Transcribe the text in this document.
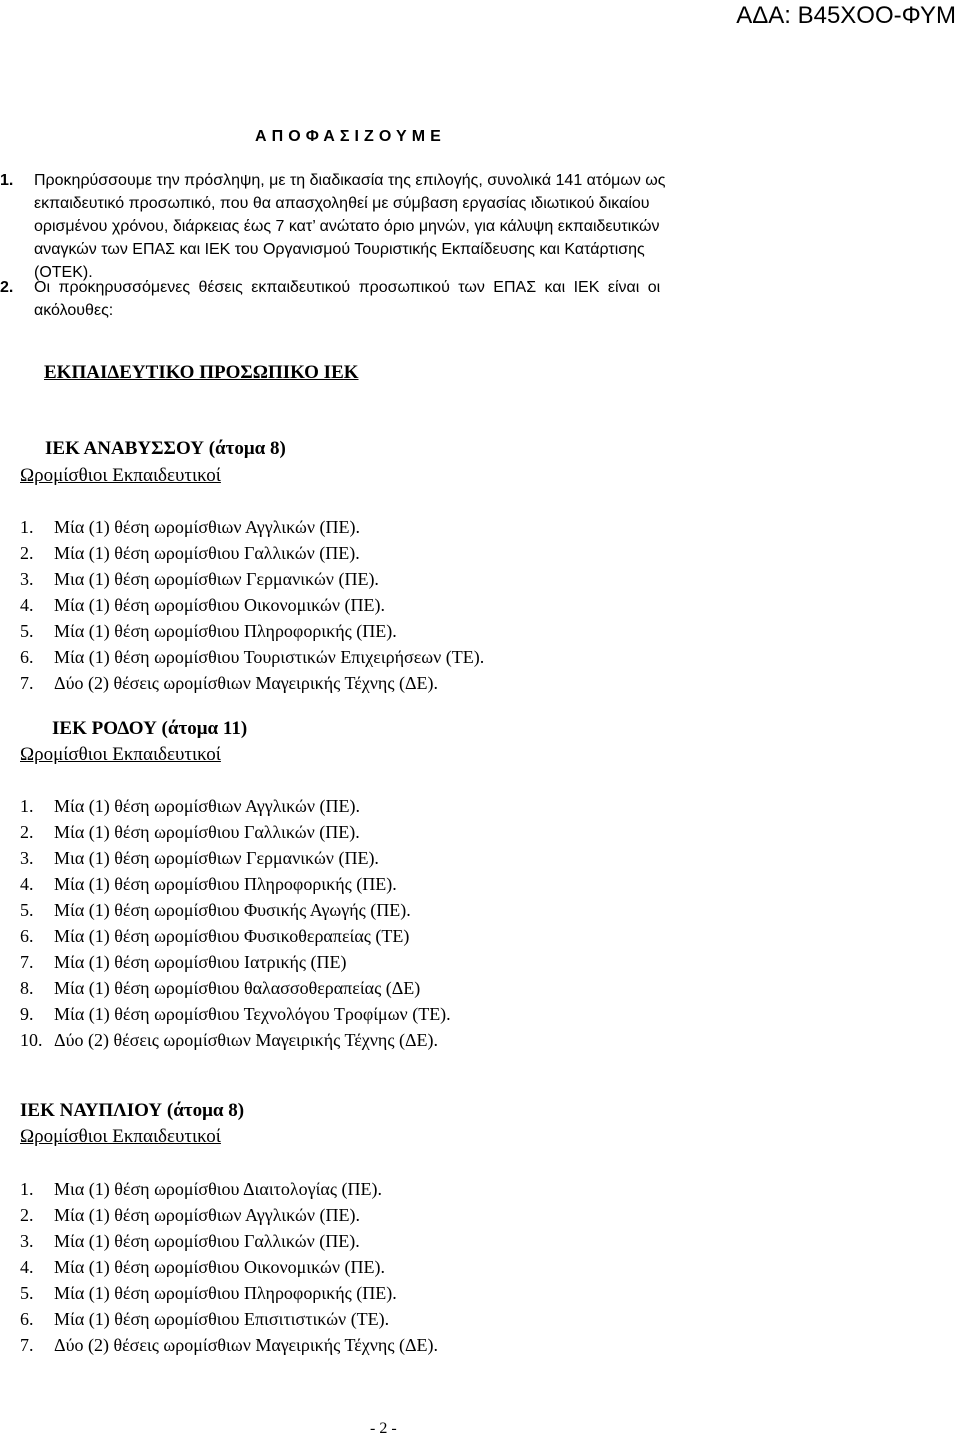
ΑΔΑ: Β45ΧΟΟ-ΦΥΜ
Α Π Ο Φ Α Σ Ι Ζ Ο Υ Μ Ε
1. Προκηρύσσουμε την πρόσληψη, με τη διαδικασία της επιλογής, συνολικά 141 ατόμων ως

εκπαιδευτικό προσωπικό, που θα απασχοληθεί με σύμβαση εργασίας ιδιωτικού δικαίου

ορισμένου χρόνου, διάρκειας έως 7 κατ’ ανώτατο όριο μηνών, για κάλυψη εκπαιδευτικών

αναγκών των ΕΠΑΣ και ΙΕΚ του Οργανισμού Τουριστικής Εκπαίδευσης και Κατάρτισης

(ΟΤΕΚ).

2. Οι προκηρυσσόμενες θέσεις εκπαιδευτικού προσωπικού των ΕΠΑΣ και ΙΕΚ είναι οι

ακόλουθες:

ΕΚΠΑΙΔΕΥΤΙΚΟ ΠΡΟΣΩΠΙΚΟ ΙΕΚ
ΙΕΚ ΑΝΑΒΥΣΣΟΥ (άτομα 8)
Ωρομίσθιοι Εκπαιδευτικοί
1. Μία (1) θέση ωρομίσθιων Αγγλικών (ΠΕ).
2. Μία (1) θέση ωρομίσθιου Γαλλικών (ΠΕ).
3. Μια (1) θέση ωρομίσθιων Γερμανικών (ΠΕ).
4. Μία (1) θέση ωρομίσθιου Οικονομικών (ΠΕ).
5. Μία (1) θέση ωρομίσθιου Πληροφορικής (ΠΕ).
6. Μία (1) θέση ωρομίσθιου Τουριστικών Επιχειρήσεων (ΤΕ).
7. Δύο (2) θέσεις ωρομίσθιων Μαγειρικής Τέχνης (ΔΕ).
ΙΕΚ ΡΟΔΟΥ (άτομα 11)
Ωρομίσθιοι Εκπαιδευτικοί
1. Μία (1) θέση ωρομίσθιων Αγγλικών (ΠΕ).
2. Μία (1) θέση ωρομίσθιου Γαλλικών (ΠΕ).
3. Μια (1) θέση ωρομίσθιων Γερμανικών (ΠΕ).
4. Μία (1) θέση ωρομίσθιου Πληροφορικής (ΠΕ).
5. Μία (1) θέση ωρομίσθιου Φυσικής Αγωγής (ΠΕ).
6. Μία (1) θέση ωρομίσθιου Φυσικοθεραπείας (ΤΕ)
7. Μία (1) θέση ωρομίσθιου Ιατρικής (ΠΕ)
8. Μία (1) θέση ωρομίσθιου θαλασσοθεραπείας (ΔΕ)
9. Μία (1) θέση ωρομίσθιου Τεχνολόγου Τροφίμων (ΤΕ).
10. Δύο (2) θέσεις ωρομίσθιων Μαγειρικής Τέχνης (ΔΕ).
ΙΕΚ ΝΑΥΠΛΙΟΥ (άτομα 8)
Ωρομίσθιοι Εκπαιδευτικοί
1. Μια (1) θέση ωρομίσθιου Διαιτολογίας (ΠΕ).
2. Μία (1) θέση ωρομίσθιων Αγγλικών (ΠΕ).
3. Μία (1) θέση ωρομίσθιου Γαλλικών (ΠΕ).
4. Μία (1) θέση ωρομίσθιου Οικονομικών (ΠΕ).
5. Μία (1) θέση ωρομίσθιου Πληροφορικής (ΠΕ).
6. Μία (1) θέση ωρομίσθιου Επισιτιστικών (ΤΕ).
7. Δύο (2) θέσεις ωρομίσθιων Μαγειρικής Τέχνης (ΔΕ).
- 2 -
